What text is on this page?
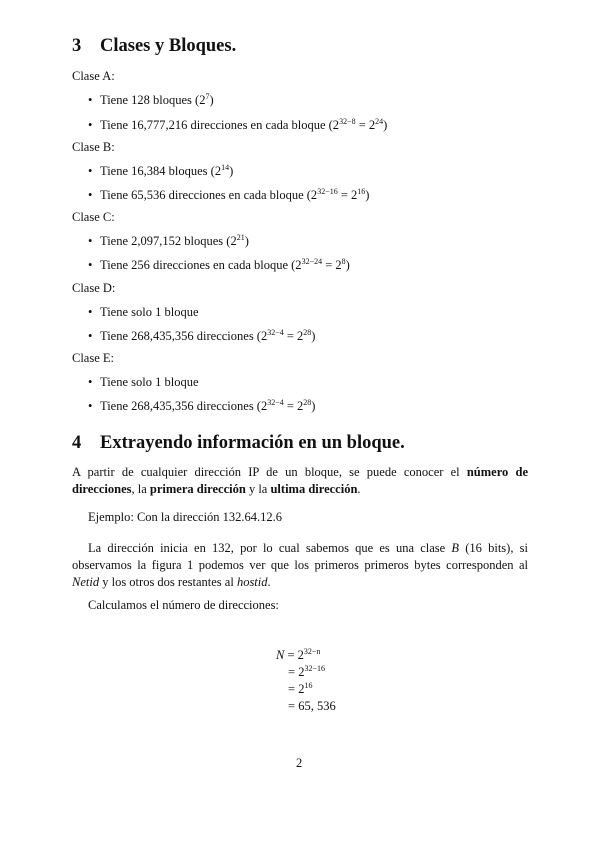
3 Clases y Bloques.
Clase A:
• Tiene 128 bloques $(2^7)$
• Tiene 16,777,216 direcciones en cada bloque $(2^{32-8} = 2^{24})$
Clase B:
• Tiene 16,384 bloques $(2^{14})$
• Tiene 65,536 direcciones en cada bloque $(2^{32-16} = 2^{16})$
Clase C:
• Tiene 2,097,152 bloques $(2^{21})$
• Tiene 256 direcciones en cada bloque $(2^{32-24} = 2^8)$
Clase D:
• Tiene solo 1 bloque
• Tiene 268,435,356 direcciones $(2^{32-4} = 2^{28})$
Clase E:
• Tiene solo 1 bloque
• Tiene 268,435,356 direcciones $(2^{32-4} = 2^{28})$
4 Extrayendo información en un bloque.
A partir de cualquier dirección IP de un bloque, se puede conocer el número de direcciones, la primera dirección y la ultima dirección.
Ejemplo: Con la dirección 132.64.12.6
La dirección inicia en 132, por lo cual sabemos que es una clase B (16 bits), si observamos la figura 1 podemos ver que los primeros primeros bytes corresponden al Netid y los otros dos restantes al hostid.
Calculamos el número de direcciones:
$N = 2^{32-n}$
= $2^{32-16}$
= $2^{16}$
= 65, 536
2
